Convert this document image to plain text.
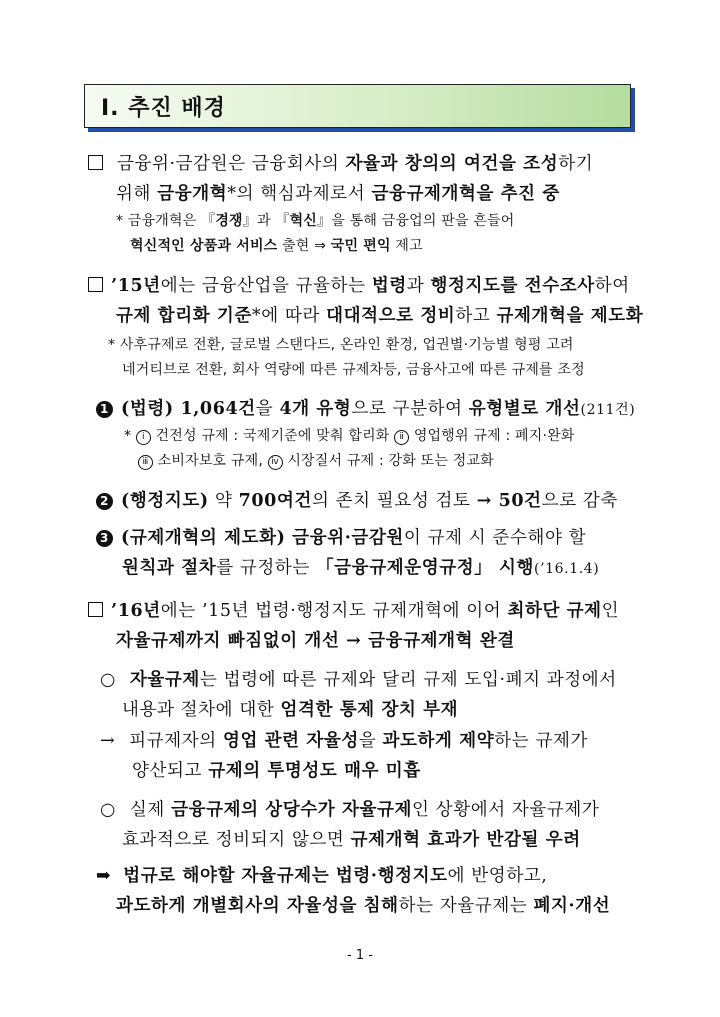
Ⅰ. 추진 배경
금융위·금감원은 금융회사의 자율과 창의의 여건을 조성하기
위해 금융개혁*의 핵심과제로서 금융규제개혁을 추진 중
* 금융개혁은 『경쟁』과 『혁신』을 통해 금융업의 판을 흔들어
혁신적인 상품과 서비스 출현 ⇒ 국민 편익 제고
’15년에는 금융산업을 규율하는 법령과 행정지도를 전수조사하여
규제 합리화 기준*에 따라 대대적으로 정비하고 규제개혁을 제도화
* 사후규제로 전환, 글로벌 스탠다드, 온라인 환경, 업권별·기능별 형평 고려
네거티브로 전환, 회사 역량에 따른 규제차등, 금융사고에 따른 규제를 조정
1 (법령) 1,064건을 4개 유형으로 구분하여 유형별로 개선(211건)
* ⅰ 건전성 규제 : 국제기준에 맞춰 합리화 ⅱ 영업행위 규제 : 폐지·완화
ⅲ 소비자보호 규제, ⅳ 시장질서 규제 : 강화 또는 정교화
2 (행정지도) 약 700여건의 존치 필요성 검토 → 50건으로 감축
3 (규제개혁의 제도화) 금융위·금감원이 규제 시 준수해야 할
원칙과 절차를 규정하는 「금융규제운영규정」 시행(’16.1.4)
’16년에는 ’15년 법령·행정지도 규제개혁에 이어 최하단 규제인
자율규제까지 빠짐없이 개선 → 금융규제개혁 완결
○ 자율규제는 법령에 따른 규제와 달리 규제 도입·폐지 과정에서
내용과 절차에 대한 엄격한 통제 장치 부재
→ 피규제자의 영업 관련 자율성을 과도하게 제약하는 규제가
양산되고 규제의 투명성도 매우 미흡
○ 실제 금융규제의 상당수가 자율규제인 상황에서 자율규제가
효과적으로 정비되지 않으면 규제개혁 효과가 반감될 우려
➡ 법규로 해야할 자율규제는 법령·행정지도에 반영하고,
과도하게 개별회사의 자율성을 침해하는 자율규제는 폐지·개선
- 1 -
